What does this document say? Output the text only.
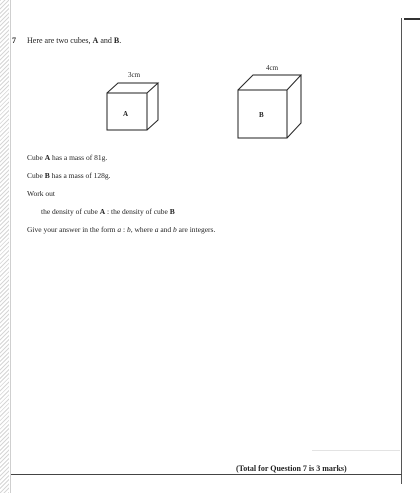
7 Here are two cubes, A and B.
3cm
A
4cm
B
Cube A has a mass of 81g.
Cube B has a mass of 128g.
Work out
the density of cube A : the density of cube B
Give your answer in the form a : b, where a and b are integers.
(Total for Question 7 is 3 marks)
